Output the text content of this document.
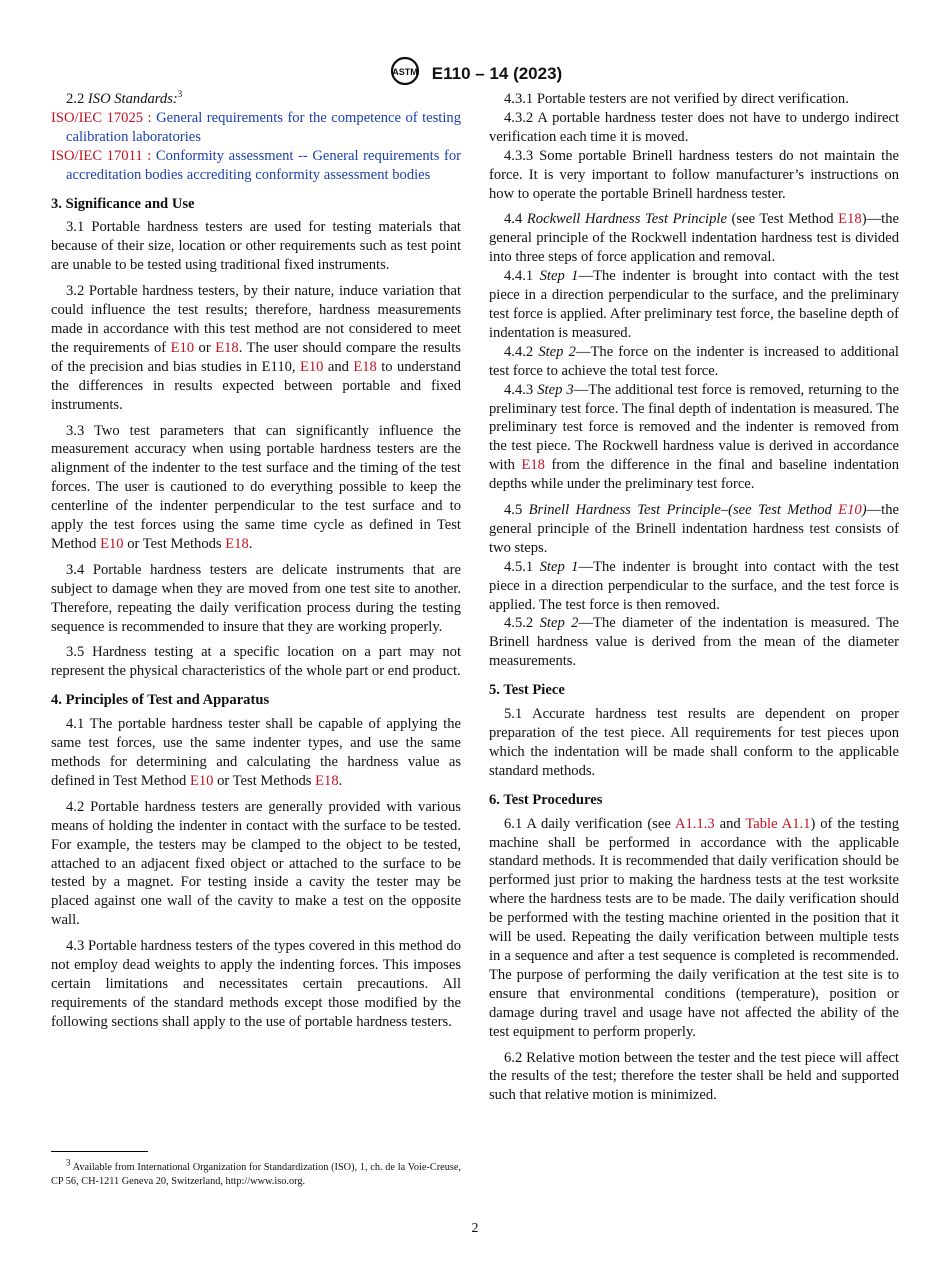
ASTM E110 – 14 (2023)

2.2 ISO Standards:$^3$

ISO/IEC 17025 : General requirements for the competence of testing calibration laboratories

ISO/IEC 17011 : Conformity assessment -- General requirements for accreditation bodies accrediting conformity assessment bodies

3. Significance and Use

3.1 Portable hardness testers are used for testing materials that because of their size, location or other requirements such as test point are unable to be tested using traditional fixed instruments.

3.2 Portable hardness testers, by their nature, induce variation that could influence the test results; therefore, hardness measurements made in accordance with this test method are not considered to meet the requirements of E10 or E18. The user should compare the results of the precision and bias studies in E110, E10 and E18 to understand the differences in results expected between portable and fixed instruments.

3.3 Two test parameters that can significantly influence the measurement accuracy when using portable hardness testers are the alignment of the indenter to the test surface and the timing of the test forces. The user is cautioned to do everything possible to keep the centerline of the indenter perpendicular to the test surface and to apply the test forces using the same time cycle as defined in Test Method E10 or Test Methods E18.

3.4 Portable hardness testers are delicate instruments that are subject to damage when they are moved from one test site to another. Therefore, repeating the daily verification process during the testing sequence is recommended to insure that they are working properly.

3.5 Hardness testing at a specific location on a part may not represent the physical characteristics of the whole part or end product.

4. Principles of Test and Apparatus

4.1 The portable hardness tester shall be capable of applying the same test forces, use the same indenter types, and use the same methods for determining and calculating the hardness value as defined in Test Method E10 or Test Methods E18.

4.2 Portable hardness testers are generally provided with various means of holding the indenter in contact with the surface to be tested. For example, the testers may be clamped to the object to be tested, attached to an adjacent fixed object or attached to the surface to be tested by a magnet. For testing inside a cavity the tester may be placed against one wall of the cavity to make a test on the opposite wall.

4.3 Portable hardness testers of the types covered in this method do not employ dead weights to apply the indenting forces. This imposes certain limitations and necessitates certain precautions. All requirements of the standard methods except those modified by the following sections shall apply to the use of portable hardness testers.

4.3.1 Portable testers are not verified by direct verification.

4.3.2 A portable hardness tester does not have to undergo indirect verification each time it is moved.

4.3.3 Some portable Brinell hardness testers do not maintain the force. It is very important to follow manufacturer’s instructions on how to operate the portable Brinell hardness tester.

4.4 Rockwell Hardness Test Principle (see Test Method E18)—the general principle of the Rockwell indentation hardness test is divided into three steps of force application and removal.

4.4.1 Step 1—The indenter is brought into contact with the test piece in a direction perpendicular to the surface, and the preliminary test force is applied. After preliminary test force, the baseline depth of indentation is measured.

4.4.2 Step 2—The force on the indenter is increased to additional test force to achieve the total test force.

4.4.3 Step 3—The additional test force is removed, returning to the preliminary test force. The final depth of indentation is measured. The preliminary test force is removed and the indenter is removed from the test piece. The Rockwell hardness value is derived in accordance with E18 from the difference in the final and baseline indentation depths while under the preliminary test force.

4.5 Brinell Hardness Test Principle–(see Test Method E10)—the general principle of the Brinell indentation hardness test consists of two steps.

4.5.1 Step 1—The indenter is brought into contact with the test piece in a direction perpendicular to the surface, and the test force is applied. The test force is then removed.

4.5.2 Step 2—The diameter of the indentation is measured. The Brinell hardness value is derived from the mean of the diameter measurements.

5. Test Piece

5.1 Accurate hardness test results are dependent on proper preparation of the test piece. All requirements for test pieces upon which the indentation will be made shall conform to the applicable standard methods.

6. Test Procedures

6.1 A daily verification (see A1.1.3 and Table A1.1) of the testing machine shall be performed in accordance with the applicable standard methods. It is recommended that daily verification should be performed just prior to making the hardness tests at the test worksite where the hardness tests are to be made. The daily verification should be performed with the testing machine oriented in the position that it will be used. Repeating the daily verification between multiple tests in a sequence and after a test sequence is completed is recommended. The purpose of performing the daily verification at the test site is to ensure that environmental conditions (temperature), position or damage during travel and usage have not affected the ability of the test equipment to perform properly.

6.2 Relative motion between the tester and the test piece will affect the results of the test; therefore the tester shall be held and supported such that relative motion is minimized.

$^3$ Available from International Organization for Standardization (ISO), 1, ch. de la Voie-Creuse, CP 56, CH-1211 Geneva 20, Switzerland, http://www.iso.org.

2
